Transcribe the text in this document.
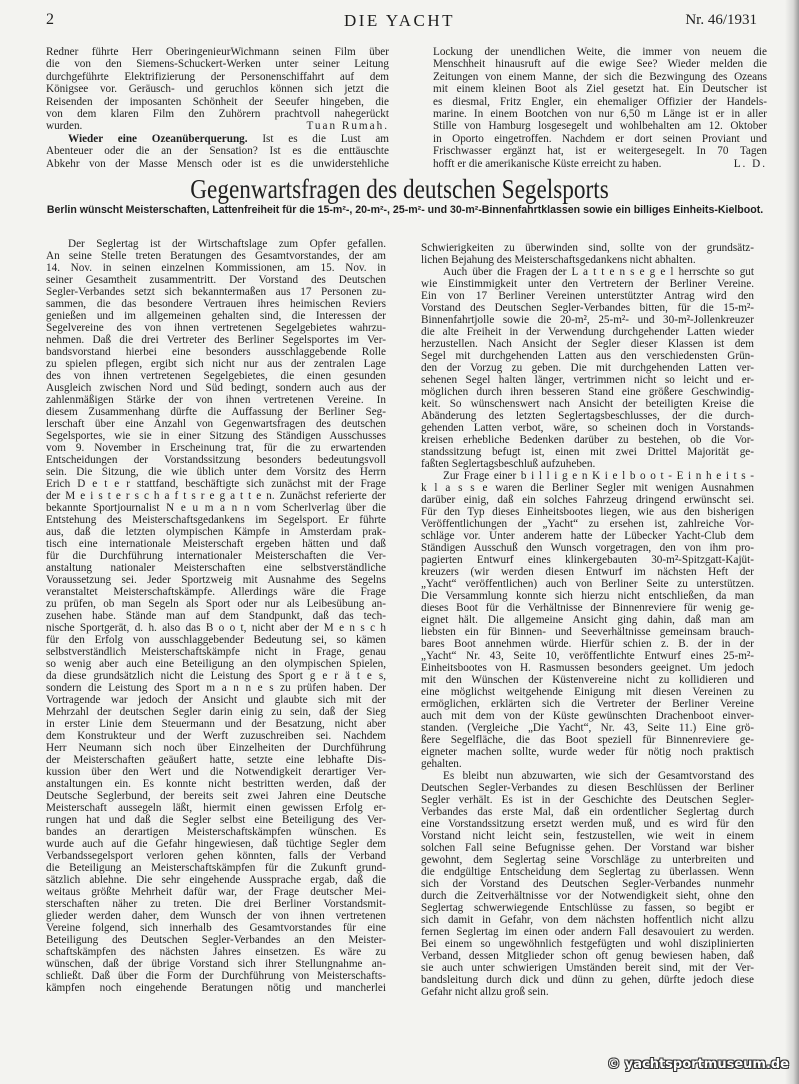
2	DIE YACHT	Nr. 46/1931
Redner führte Herr OberingenieurWichmann seinen Film über
die von den Siemens-Schuckert-Werken unter seiner Leitung
durchgeführte Elektrifizierung der Personenschiffahrt auf dem
Königsee vor. Geräusch- und geruchlos können sich jetzt die
Reisenden der imposanten Schönheit der Seeufer hingeben, die
von dem klaren Film den Zuhörern prachtvoll nahegerückt
Tuan Rumah.
wurden.
Wieder eine Ozeanüberquerung. Ist es die Lust am
Abenteuer oder die an der Sensation? Ist es die enttäuschte
Abkehr von der Masse Mensch oder ist es die unwiderstehliche
Lockung der unendlichen Weite, die immer von neuem die
Menschheit hinausruft auf die ewige See? Wieder melden die
Zeitungen von einem Manne, der sich die Bezwingung des Ozeans
mit einem kleinen Boot als Ziel gesetzt hat. Ein Deutscher ist
es diesmal, Fritz Engler, ein ehemaliger Offizier der Handels-
marine. In einem Bootchen von nur 6,50 m Länge ist er in aller
Stille von Hamburg losgesegelt und wohlbehalten am 12. Oktober
in Oporto eingetroffen. Nachdem er dort seinen Proviant und
Frischwasser ergänzt hat, ist er weitergesegelt. In 70 Tagen
L. D.
hofft er die amerikanische Küste erreicht zu haben.
Gegenwartsfragen des deutschen Segelsports
Berlin wünscht Meisterschaften, Lattenfreiheit für die 15-m²-, 20-m²-, 25-m²- und 30-m²-Binnenfahrtklassen sowie ein billiges Einheits-Kielboot.
Der Seglertag ist der Wirtschaftslage zum Opfer gefallen.
An seine Stelle treten Beratungen des Gesamtvorstandes, der am
14. Nov. in seinen einzelnen Kommissionen, am 15. Nov. in
seiner Gesamtheit zusammentritt. Der Vorstand des Deutschen
Segler-Verbandes setzt sich bekanntermaßen aus 17 Personen zu-
sammen, die das besondere Vertrauen ihres heimischen Reviers
genießen und im allgemeinen gehalten sind, die Interessen der
Segelvereine des von ihnen vertretenen Segelgebietes wahrzu-
nehmen. Daß die drei Vertreter des Berliner Segelsportes im Ver-
bandsvorstand hierbei eine besonders ausschlaggebende Rolle
zu spielen pflegen, ergibt sich nicht nur aus der zentralen Lage
des von ihnen vertretenen Segelgebietes, die einen gesunden
Ausgleich zwischen Nord und Süd bedingt, sondern auch aus der
zahlenmäßigen Stärke der von ihnen vertretenen Vereine. In
diesem Zusammenhang dürfte die Auffassung der Berliner Seg-
lerschaft über eine Anzahl von Gegenwartsfragen des deutschen
Segelsportes, wie sie in einer Sitzung des Ständigen Ausschusses
vom 9. November in Erscheinung trat, für die zu erwartenden
Entscheidungen der Vorstandssitzung besonders bedeutungsvoll
sein. Die Sitzung, die wie üblich unter dem Vorsitz des Herrn
Erich D e t e r stattfand, beschäftigte sich zunächst mit der Frage
der M e i s t e r s c h a f t s r e g a t t e n. Zunächst referierte der
bekannte Sportjournalist N e u m a n n vom Scherlverlag über die
Entstehung des Meisterschaftsgedankens im Segelsport. Er führte
aus, daß die letzten olympischen Kämpfe in Amsterdam prak-
tisch eine internationale Meisterschaft ergeben hätten und daß
für die Durchführung internationaler Meisterschaften die Ver-
anstaltung nationaler Meisterschaften eine selbstverständliche
Voraussetzung sei. Jeder Sportzweig mit Ausnahme des Segelns
veranstaltet Meisterschaftskämpfe. Allerdings wäre die Frage
zu prüfen, ob man Segeln als Sport oder nur als Leibesübung an-
zusehen habe. Stände man auf dem Standpunkt, daß das tech-
nische Sportgerät, d. h. also das B o o t, nicht aber der M e n s c h
für den Erfolg von ausschlaggebender Bedeutung sei, so kämen
selbstverständlich Meisterschaftskämpfe nicht in Frage, genau
so wenig aber auch eine Beteiligung an den olympischen Spielen,
da diese grundsätzlich nicht die Leistung des Sport g e r ä t e s,
sondern die Leistung des Sport m a n n e s zu prüfen haben. Der
Vortragende war jedoch der Ansicht und glaubte sich mit der
Mehrzahl der deutschen Segler darin einig zu sein, daß der Sieg
in erster Linie dem Steuermann und der Besatzung, nicht aber
dem Konstrukteur und der Werft zuzuschreiben sei. Nachdem
Herr Neumann sich noch über Einzelheiten der Durchführung
der Meisterschaften geäußert hatte, setzte eine lebhafte Dis-
kussion über den Wert und die Notwendigkeit derartiger Ver-
anstaltungen ein. Es konnte nicht bestritten werden, daß der
Deutsche Seglerbund, der bereits seit zwei Jahren eine Deutsche
Meisterschaft aussegeln läßt, hiermit einen gewissen Erfolg er-
rungen hat und daß die Segler selbst eine Beteiligung des Ver-
bandes an derartigen Meisterschaftskämpfen wünschen. Es
wurde auch auf die Gefahr hingewiesen, daß tüchtige Segler dem
Verbandssegelsport verloren gehen könnten, falls der Verband
die Beteiligung an Meisterschaftskämpfen für die Zukunft grund-
sätzlich ablehne. Die sehr eingehende Aussprache ergab, daß die
weitaus größte Mehrheit dafür war, der Frage deutscher Mei-
sterschaften näher zu treten. Die drei Berliner Vorstandsmit-
glieder werden daher, dem Wunsch der von ihnen vertretenen
Vereine folgend, sich innerhalb des Gesamtvorstandes für eine
Beteiligung des Deutschen Segler-Verbandes an den Meister-
schaftskämpfen des nächsten Jahres einsetzen. Es wäre zu
wünschen, daß der übrige Vorstand sich ihrer Stellungnahme an-
schließt. Daß über die Form der Durchführung von Meisterschafts-
kämpfen noch eingehende Beratungen nötig und mancherlei
Schwierigkeiten zu überwinden sind, sollte von der grundsätz-
lichen Bejahung des Meisterschaftsgedankens nicht abhalten.
Auch über die Fragen der L a t t e n s e g e l herrschte so gut
wie Einstimmigkeit unter den Vertretern der Berliner Vereine.
Ein von 17 Berliner Vereinen unterstützter Antrag wird den
Vorstand des Deutschen Segler-Verbandes bitten, für die 15-m²-
Binnenfahrtjolle sowie die 20-m², 25-m²- und 30-m²-Jollenkreuzer
die alte Freiheit in der Verwendung durchgehender Latten wieder
herzustellen. Nach Ansicht der Segler dieser Klassen ist dem
Segel mit durchgehenden Latten aus den verschiedensten Grün-
den der Vorzug zu geben. Die mit durchgehenden Latten ver-
sehenen Segel halten länger, vertrimmen nicht so leicht und er-
möglichen durch ihren besseren Stand eine größere Geschwindig-
keit. So wünschenswert nach Ansicht der beteiligten Kreise die
Abänderung des letzten Seglertagsbeschlusses, der die durch-
gehenden Latten verbot, wäre, so scheinen doch in Vorstands-
kreisen erhebliche Bedenken darüber zu bestehen, ob die Vor-
standssitzung befugt ist, einen mit zwei Drittel Majorität ge-
faßten Seglertagsbeschluß aufzuheben.
Zur Frage einer b i l l i g e n K i e l b o o t - E i n h e i t s -
k l a s s e waren die Berliner Segler mit wenigen Ausnahmen
darüber einig, daß ein solches Fahrzeug dringend erwünscht sei.
Für den Typ dieses Einheitsbootes liegen, wie aus den bisherigen
Veröffentlichungen der „Yacht“ zu ersehen ist, zahlreiche Vor-
schläge vor. Unter anderem hatte der Lübecker Yacht-Club dem
Ständigen Ausschuß den Wunsch vorgetragen, den von ihm pro-
pagierten Entwurf eines klinkergebauten 30-m²-Spitzgatt-Kajüt-
kreuzers (wir werden diesen Entwurf im nächsten Heft der
„Yacht“ veröffentlichen) auch von Berliner Seite zu unterstützen.
Die Versammlung konnte sich hierzu nicht entschließen, da man
dieses Boot für die Verhältnisse der Binnenreviere für wenig ge-
eignet hält. Die allgemeine Ansicht ging dahin, daß man am
liebsten ein für Binnen- und Seeverhältnisse gemeinsam brauch-
bares Boot annehmen würde. Hierfür schien z. B. der in der
„Yacht“ Nr. 43, Seite 10, veröffentlichte Entwurf eines 25-m²-
Einheitsbootes von H. Rasmussen besonders geeignet. Um jedoch
mit den Wünschen der Küstenvereine nicht zu kollidieren und
eine möglichst weitgehende Einigung mit diesen Vereinen zu
ermöglichen, erklärten sich die Vertreter der Berliner Vereine
auch mit dem von der Küste gewünschten Drachenboot einver-
standen. (Vergleiche „Die Yacht“, Nr. 43, Seite 11.) Eine grö-
ßere Segelfläche, die das Boot speziell für Binnenreviere ge-
eigneter machen sollte, wurde weder für nötig noch praktisch
gehalten.
Es bleibt nun abzuwarten, wie sich der Gesamtvorstand des
Deutschen Segler-Verbandes zu diesen Beschlüssen der Berliner
Segler verhält. Es ist in der Geschichte des Deutschen Segler-
Verbandes das erste Mal, daß ein ordentlicher Seglertag durch
eine Vorstandssitzung ersetzt werden muß, und es wird für den
Vorstand nicht leicht sein, festzustellen, wie weit in einem
solchen Fall seine Befugnisse gehen. Der Vorstand war bisher
gewohnt, dem Seglertag seine Vorschläge zu unterbreiten und
die endgültige Entscheidung dem Seglertag zu überlassen. Wenn
sich der Vorstand des Deutschen Segler-Verbandes nunmehr
durch die Zeitverhältnisse vor der Notwendigkeit sieht, ohne den
Seglertag schwerwiegende Entschlüsse zu fassen, so begibt er
sich damit in Gefahr, von dem nächsten hoffentlich nicht allzu
fernen Seglertag im einen oder andern Fall desavouiert zu werden.
Bei einem so ungewöhnlich festgefügten und wohl disziplinierten
Verband, dessen Mitglieder schon oft genug bewiesen haben, daß
sie auch unter schwierigen Umständen bereit sind, mit der Ver-
bandsleitung durch dick und dünn zu gehen, dürfte jedoch diese
Gefahr nicht allzu groß sein.
© yachtsportmuseum.de
